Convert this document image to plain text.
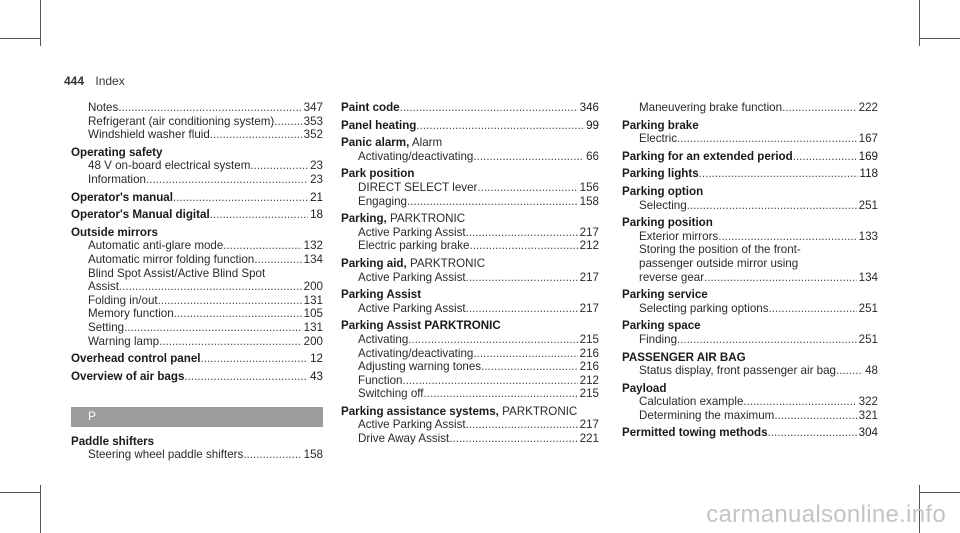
444 Index
Notes .....	347
Refrigerant (air conditioning system) .....	353
Windshield washer fluid .....	352
Operating safety
48 V on-board electrical system .....	23
Information .....	23
Operator's manual .....	21
Operator's Manual digital .....	18
Outside mirrors
Automatic anti-glare mode .....	132
Automatic mirror folding function .....	134
Blind Spot Assist/Active Blind Spot
Assist .....	200
Folding in/out .....	131
Memory function .....	105
Setting .....	131
Warning lamp .....	200
Overhead control panel .....	12
Overview of air bags .....	43
P
Paddle shifters
Steering wheel paddle shifters .....	158
Paint code .....	346
Panel heating .....	99
Panic alarm, Alarm
Activating/deactivating .....	66
Park position
DIRECT SELECT lever .....	156
Engaging .....	158
Parking, PARKTRONIC
Active Parking Assist .....	217
Electric parking brake .....	212
Parking aid, PARKTRONIC
Active Parking Assist .....	217
Parking Assist
Active Parking Assist .....	217
Parking Assist PARKTRONIC
Activating .....	215
Activating/deactivating .....	216
Adjusting warning tones .....	216
Function .....	212
Switching off .....	215
Parking assistance systems, PARKTRONIC
Active Parking Assist .....	217
Drive Away Assist .....	221
Maneuvering brake function .....	222
Parking brake
Electric .....	167
Parking for an extended period .....	169
Parking lights .....	118
Parking option
Selecting .....	251
Parking position
Exterior mirrors .....	133
Storing the position of the front-
passenger outside mirror using
reverse gear .....	134
Parking service
Selecting parking options .....	251
Parking space
Finding .....	251
PASSENGER AIR BAG
Status display, front passenger air bag .....	48
Payload
Calculation example .....	322
Determining the maximum .....	321
Permitted towing methods .....	304
carmanualsonline.info
